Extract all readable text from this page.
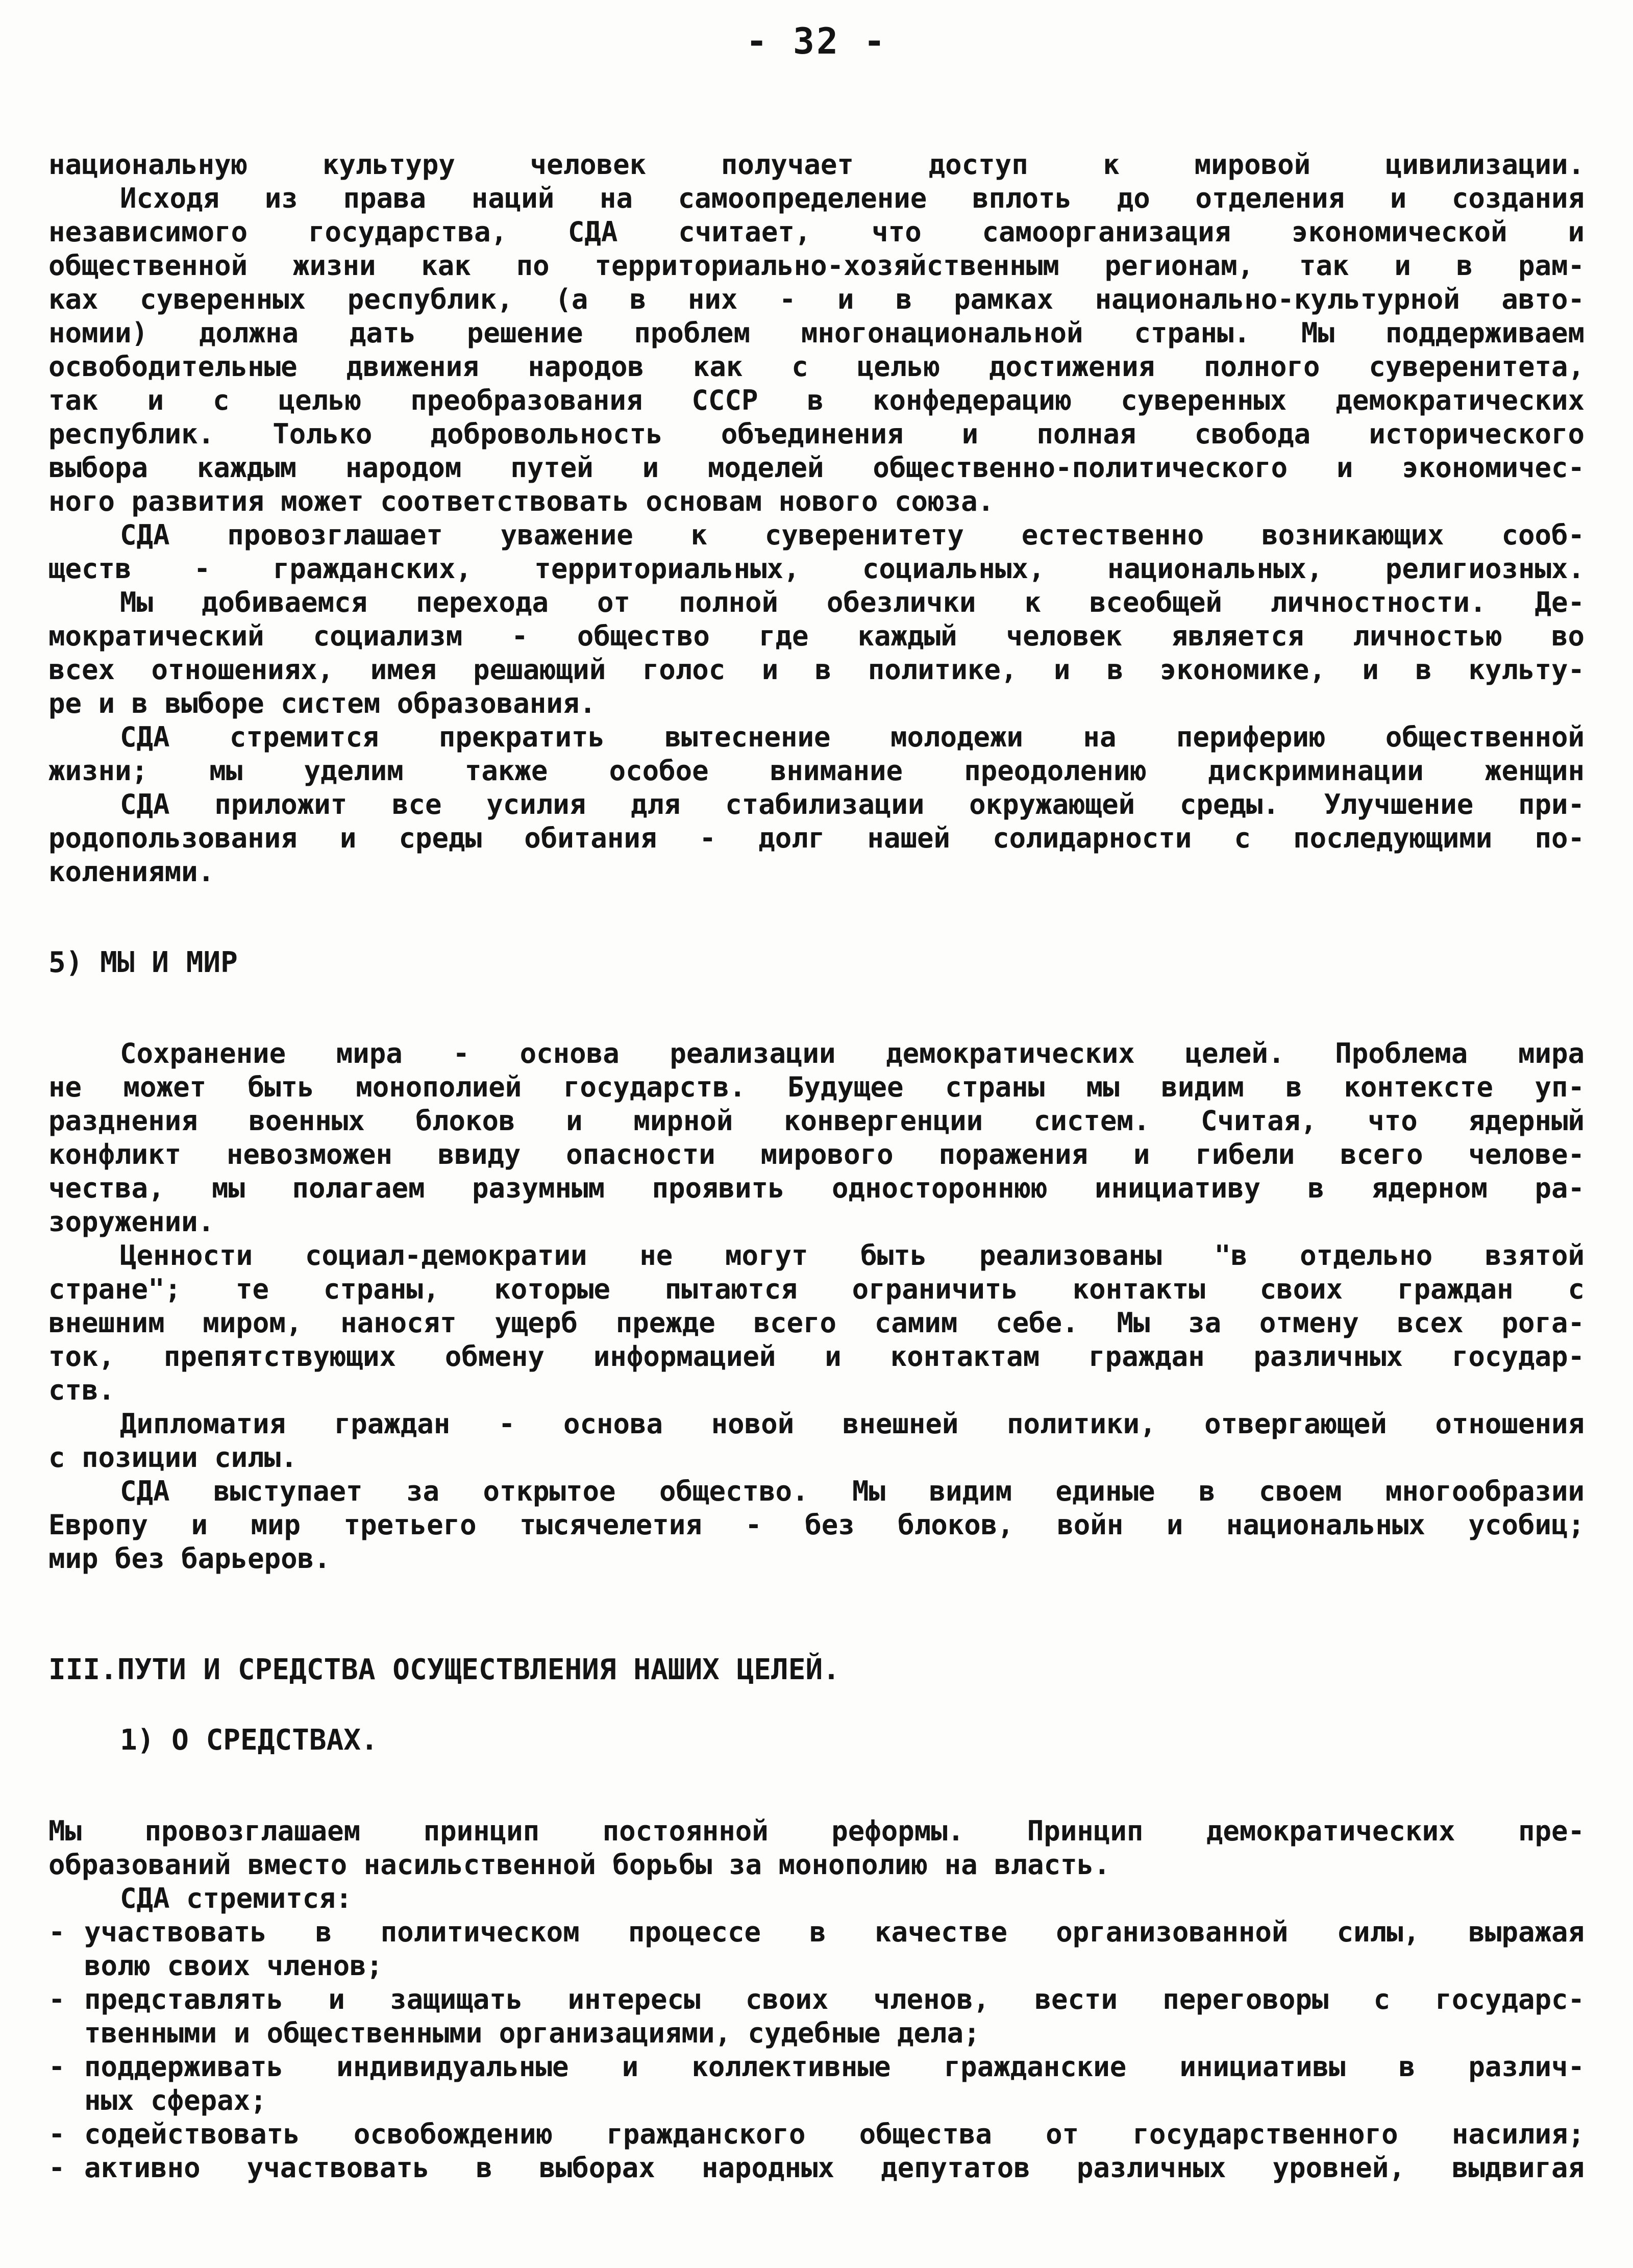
- 32 -
национальную культуру человек получает доступ к мировой цивилизации.
Исходя из права наций на самоопределение вплоть до отделения и создания
независимого государства, СДА считает, что самоорганизация экономической и
общественной жизни как по территориально-хозяйственным регионам, так и в рам-
ках суверенных республик, (а в них - и в рамках национально-культурной авто-
номии) должна дать решение проблем многонациональной страны. Мы поддерживаем
освободительные движения народов как с целью достижения полного суверенитета,
так и с целью преобразования СССР в конфедерацию суверенных демократических
республик. Только добровольность объединения и полная свобода исторического
выбора каждым народом путей и моделей общественно-политического и экономичес-
ного развития может соответствовать основам нового союза.
СДА провозглашает уважение к суверенитету естественно возникающих сооб-
ществ - гражданских, территориальных, социальных, национальных, религиозных.
Мы добиваемся перехода от полной обезлички к всеобщей личностности. Де-
мократический социализм - общество где каждый человек является личностью во
всех отношениях, имея решающий голос и в политике, и в экономике, и в культу-
ре и в выборе систем образования.
СДА стремится прекратить вытеснение молодежи на периферию общественной
жизни; мы уделим также особое внимание преодолению дискриминации женщин
СДА приложит все усилия для стабилизации окружающей среды. Улучшение при-
родопользования и среды обитания - долг нашей солидарности с последующими по-
колениями.
5) МЫ И МИР
Сохранение мира - основа реализации демократических целей. Проблема мира
не может быть монополией государств. Будущее страны мы видим в контексте уп-
разднения военных блоков и мирной конвергенции систем. Считая, что ядерный
конфликт невозможен ввиду опасности мирового поражения и гибели всего челове-
чества, мы полагаем разумным проявить одностороннюю инициативу в ядерном ра-
зоружении.
Ценности социал-демократии не могут быть реализованы "в отдельно взятой
стране"; те страны, которые пытаются ограничить контакты своих граждан с
внешним миром, наносят ущерб прежде всего самим себе. Мы за отмену всех рога-
ток, препятствующих обмену информацией и контактам граждан различных государ-
ств.
Дипломатия граждан - основа новой внешней политики, отвергающей отношения
с позиции силы.
СДА выступает за открытое общество. Мы видим единые в своем многообразии
Европу и мир третьего тысячелетия - без блоков, войн и национальных усобиц;
мир без барьеров.
III.ПУТИ И СРЕДСТВА ОСУЩЕСТВЛЕНИЯ НАШИХ ЦЕЛЕЙ.
1) О СРЕДСТВАХ.
Мы провозглашаем принцип постоянной реформы. Принцип демократических пре-
образований вместо насильственной борьбы за монополию на власть.
СДА стремится:
- участвовать в политическом процессе в качестве организованной силы, выражая
волю своих членов;
- представлять и защищать интересы своих членов, вести переговоры с государс-
твенными и общественными организациями, судебные дела;
- поддерживать индивидуальные и коллективные гражданские инициативы в различ-
ных сферах;
- содействовать освобождению гражданского общества от государственного насилия;
- активно участвовать в выборах народных депутатов различных уровней, выдвигая
